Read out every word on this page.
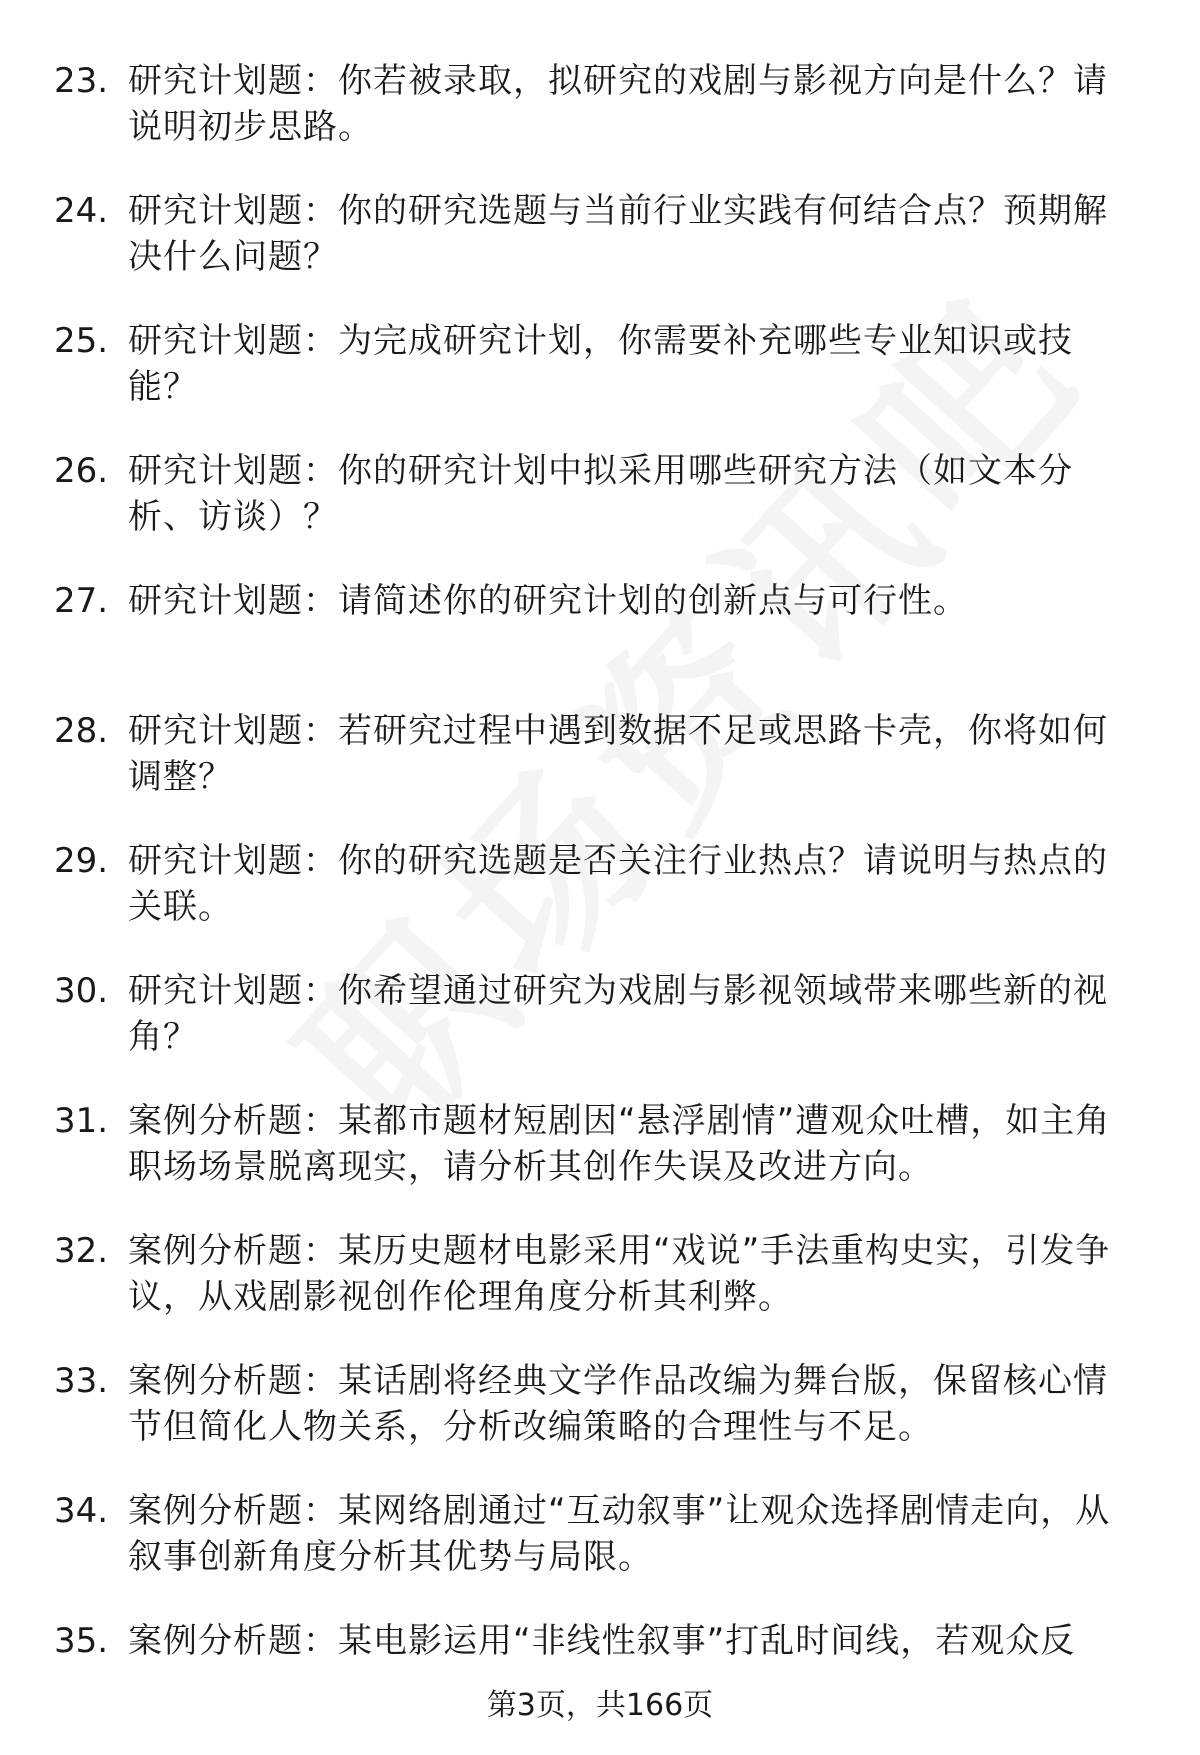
23. 研究计划题：你若被录取，拟研究的戏剧与影视方向是什么？请说明初步思路。
24. 研究计划题：你的研究选题与当前行业实践有何结合点？预期解决什么问题？
25. 研究计划题：为完成研究计划，你需要补充哪些专业知识或技能？
26. 研究计划题：你的研究计划中拟采用哪些研究方法（如文本分析、访谈）？
27. 研究计划题：请简述你的研究计划的创新点与可行性。
28. 研究计划题：若研究过程中遇到数据不足或思路卡壳，你将如何调整？
29. 研究计划题：你的研究选题是否关注行业热点？请说明与热点的关联。
30. 研究计划题：你希望通过研究为戏剧与影视领域带来哪些新的视角？
31. 案例分析题：某都市题材短剧因“悬浮剧情”遭观众吐槽，如主角职场场景脱离现实，请分析其创作失误及改进方向。
32. 案例分析题：某历史题材电影采用“戏说”手法重构史实，引发争议，从戏剧影视创作伦理角度分析其利弊。
33. 案例分析题：某话剧将经典文学作品改编为舞台版，保留核心情节但简化人物关系，分析改编策略的合理性与不足。
34. 案例分析题：某网络剧通过“互动叙事”让观众选择剧情走向，从叙事创新角度分析其优势与局限。
35. 案例分析题：某电影运用“非线性叙事”打乱时间线，若观众反
第3页，共166页
